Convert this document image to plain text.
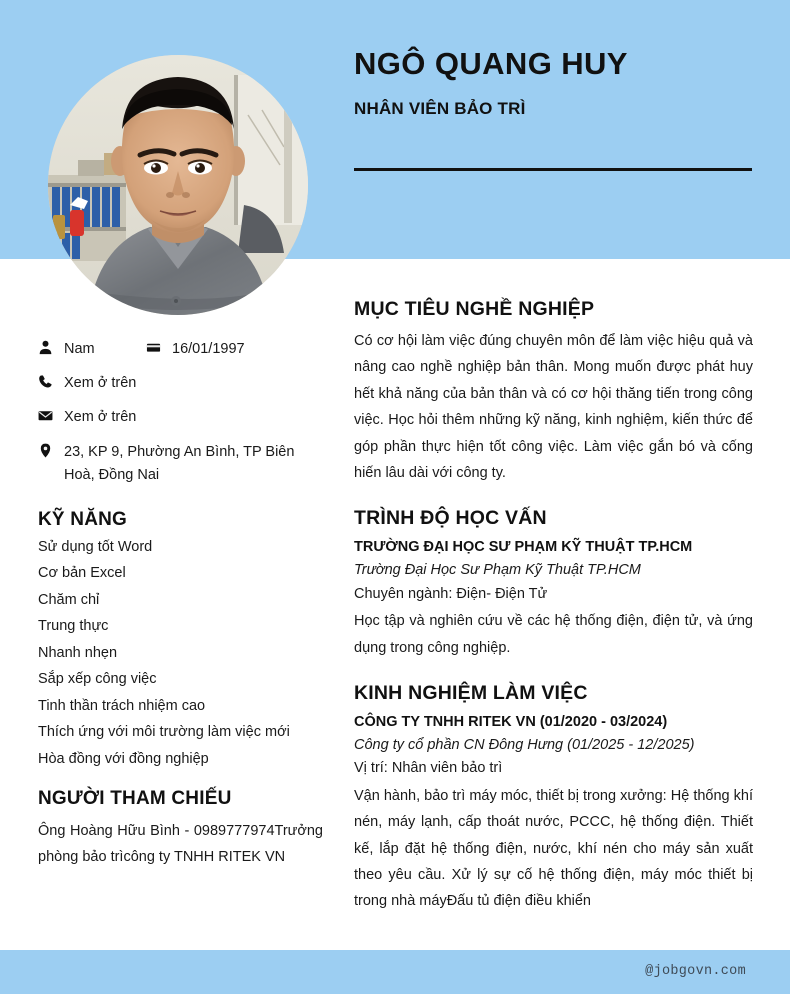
NGÔ QUANG HUY
NHÂN VIÊN BẢO TRÌ
Nam	16/01/1997
Xem ở trên
Xem ở trên
23, KP 9, Phường An Bình, TP Biên Hoà, Đồng Nai
KỸ NĂNG
Sử dụng tốt Word
Cơ bản Excel
Chăm chỉ
Trung thực
Nhanh nhẹn
Sắp xếp công việc
Tinh thần trách nhiệm cao
Thích ứng với môi trường làm việc mới
Hòa đồng với đồng nghiệp
NGƯỜI THAM CHIẾU

Ông Hoàng Hữu Bình - 0989777974Trưởng phòng bảo trìcông ty TNHH RITEK VN

MỤC TIÊU NGHỀ NGHIỆP

Có cơ hội làm việc đúng chuyên môn để làm việc hiệu quả và nâng cao nghề nghiệp bản thân. Mong muốn được phát huy hết khả năng của bản thân và có cơ hội thăng tiến trong công việc. Học hỏi thêm những kỹ năng, kinh nghiệm, kiến thức để góp phần thực hiện tốt công việc. Làm việc gắn bó và cống hiến lâu dài với công ty.

TRÌNH ĐỘ HỌC VẤN
TRƯỜNG ĐẠI HỌC SƯ PHẠM KỸ THUẬT TP.HCM
Trường Đại Học Sư Phạm Kỹ Thuật TP.HCM
Chuyên ngành: Điện- Điện Tử

Học tập và nghiên cứu về các hệ thống điện, điện tử, và ứng dụng trong công nghiệp.

KINH NGHIỆM LÀM VIỆC
CÔNG TY TNHH RITEK VN (01/2020 - 03/2024)
Công ty cổ phần CN Đông Hưng (01/2025 - 12/2025)
Vị trí: Nhân viên bảo trì

Vận hành, bảo trì máy móc, thiết bị trong xưởng: Hệ thống khí nén, máy lạnh, cấp thoát nước, PCCC, hệ thống điện. Thiết kế, lắp đặt hệ thống điện, nước, khí nén cho máy sản xuất theo yêu cầu. Xử lý sự cố hệ thống điện, máy móc thiết bị trong nhà máyĐấu tủ điện điều khiển

@jobgovn.com
